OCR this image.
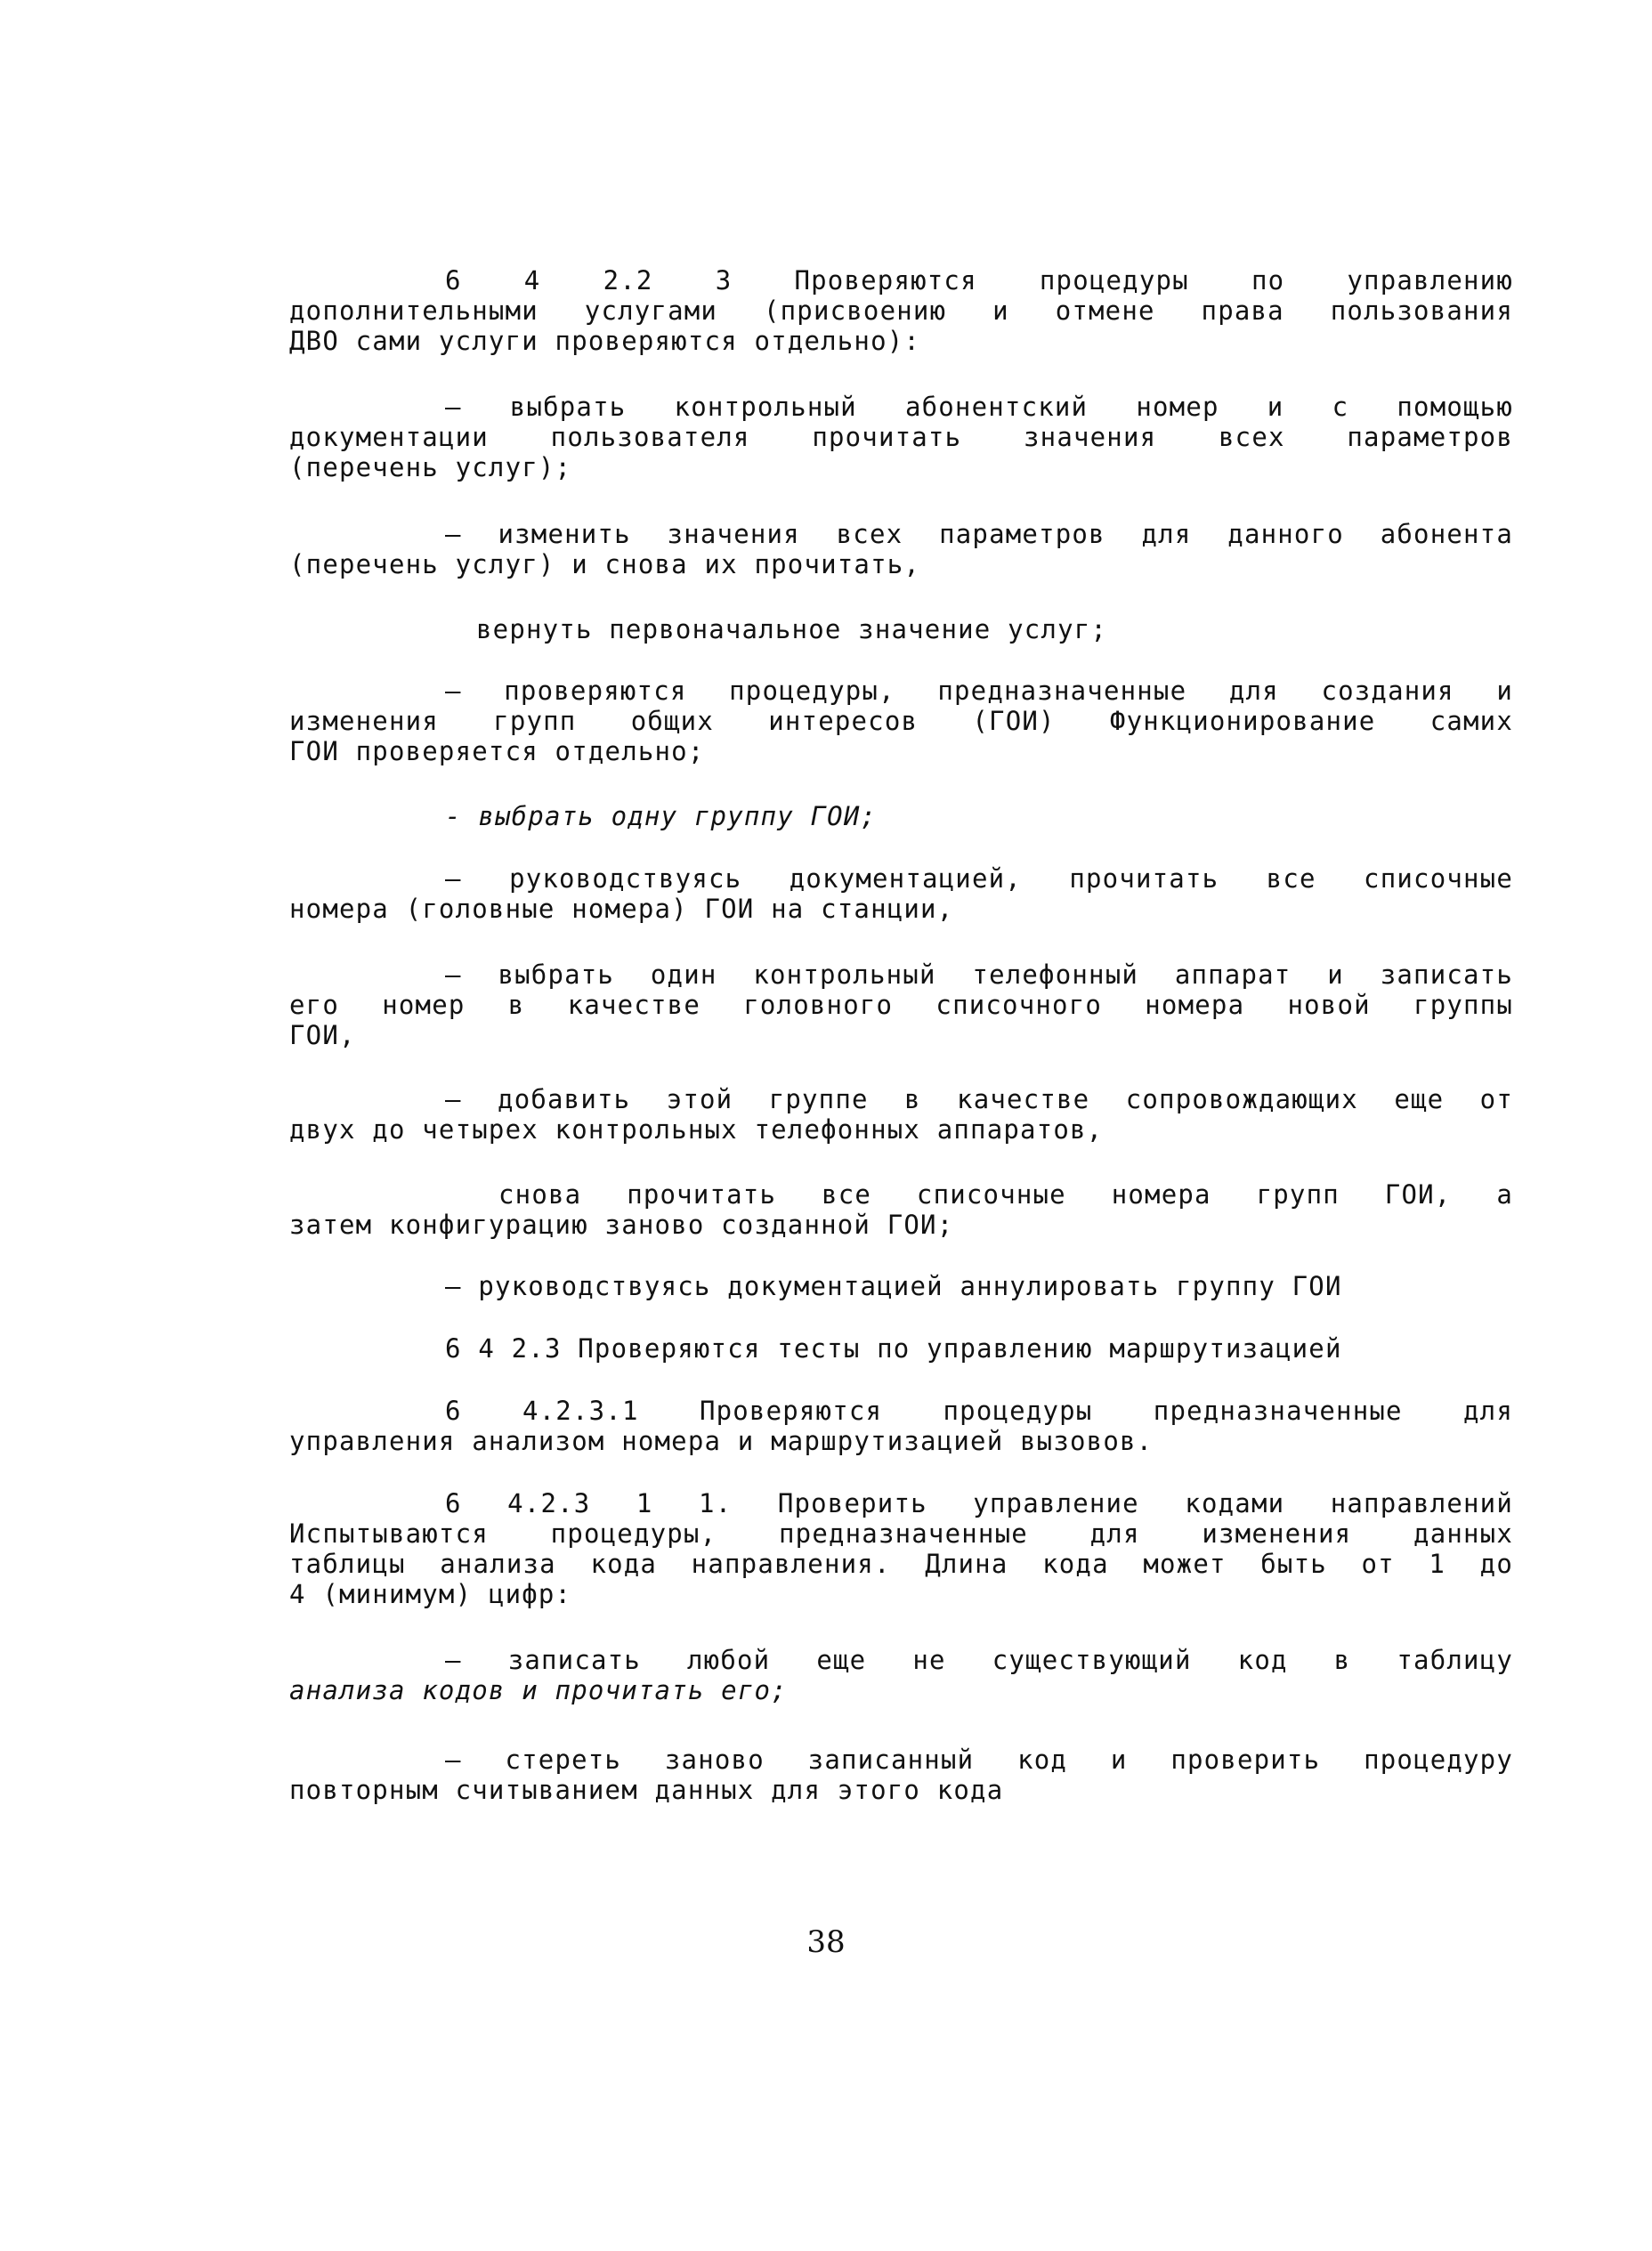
6 4 2.2 3 Проверяются процедуры по управлению
дополнительными услугами (присвоению и отмене права пользования
ДВО сами услуги проверяются отдельно):
– выбрать контрольный абонентский номер и с помощью
документации пользователя прочитать значения всех параметров
(перечень услуг);
– изменить значения всех параметров для данного абонента
(перечень услуг) и снова их прочитать,
вернуть первоначальное значение услуг;
– проверяются процедуры, предназначенные для создания и
изменения групп общих интересов (ГОИ) Функционирование самих
ГОИ проверяется отдельно;
- выбрать одну группу ГОИ;
– руководствуясь документацией, прочитать все списочные
номера (головные номера) ГОИ на станции,
– выбрать один контрольный телефонный аппарат и записать
его номер в качестве головного списочного номера новой группы
ГОИ,
– добавить этой группе в качестве сопровождающих еще от
двух до четырех контрольных телефонных аппаратов,
снова прочитать все списочные номера групп ГОИ, а
затем конфигурацию заново созданной ГОИ;
– руководствуясь документацией аннулировать группу ГОИ
6 4 2.3 Проверяются тесты по управлению маршрутизацией
6 4.2.3.1 Проверяются процедуры предназначенные для
управления анализом номера и маршрутизацией вызовов.
6 4.2.3 1 1. Проверить управление кодами направлений
Испытываются процедуры, предназначенные для изменения данных
таблицы анализа кода направления. Длина кода может быть от 1 до
4 (минимум) цифр:
– записать любой еще не существующий код в таблицу
анализа кодов и прочитать его;
– стереть заново записанный код и проверить процедуру
повторным считыванием данных для этого кода
38
